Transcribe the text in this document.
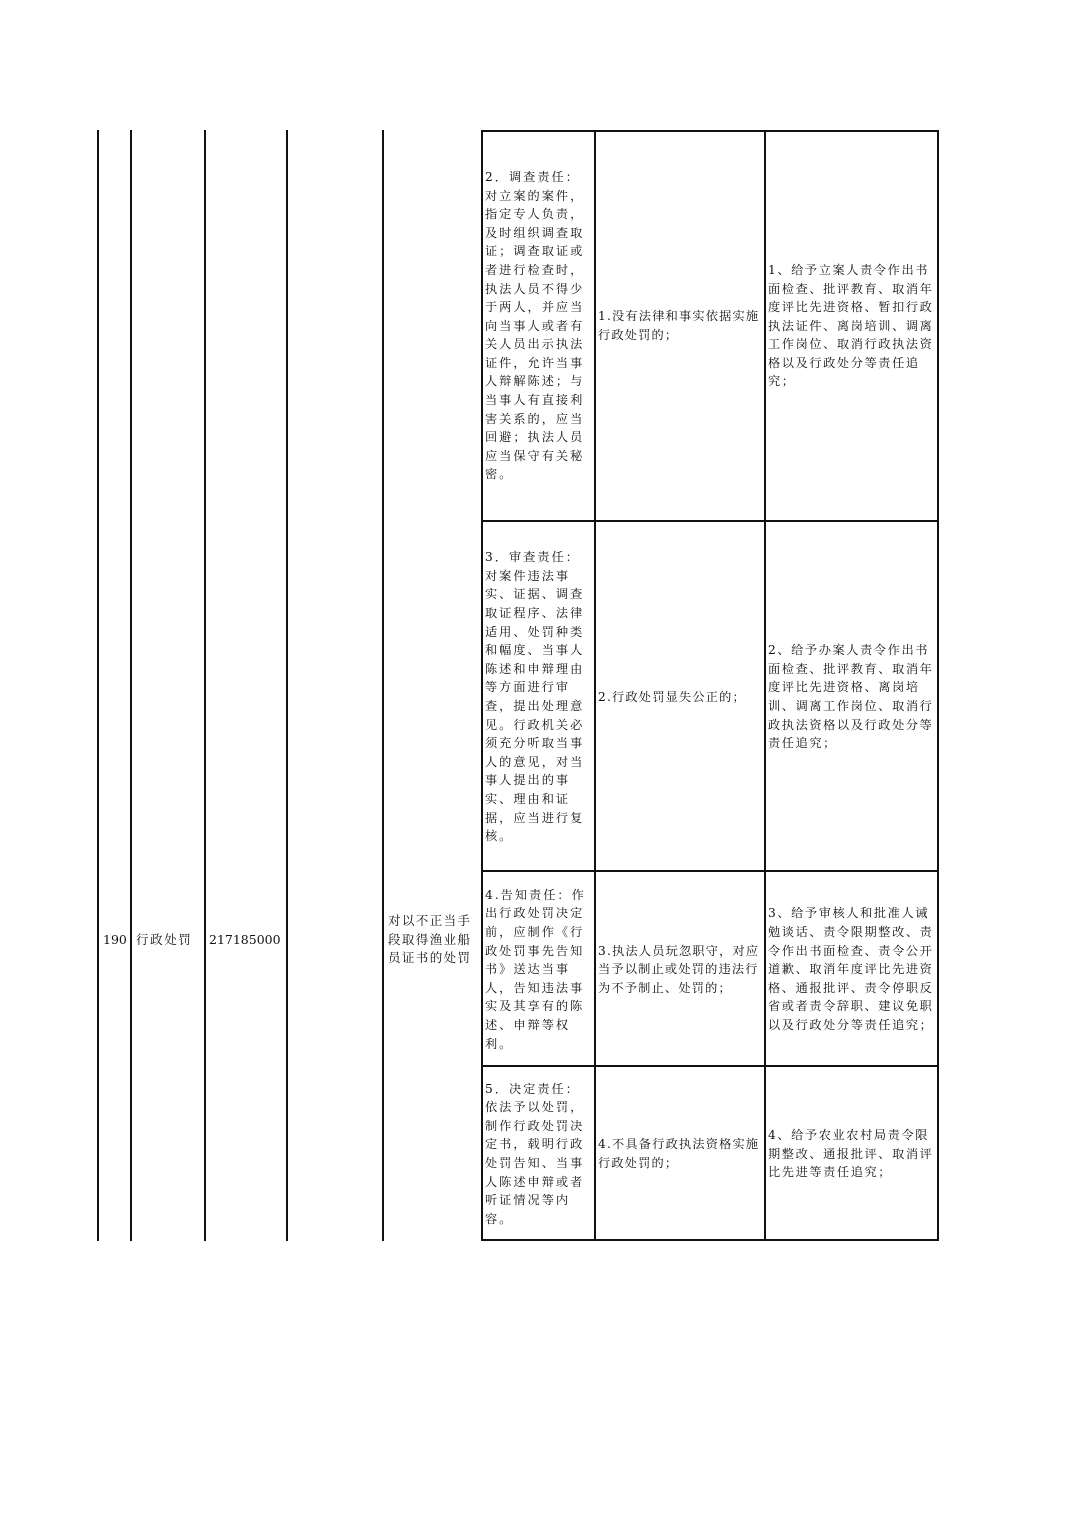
190 行政处罚 217185000
对以不正当手段取得渔业船员证书的处罚
2．调查责任：对立案的案件，指定专人负责，及时组织调查取证；调查取证或者进行检查时，执法人员不得少于两人，并应当向当事人或者有关人员出示执法证件，允许当事人辩解陈述；与当事人有直接利害关系的，应当回避；执法人员应当保守有关秘密。
1.没有法律和事实依据实施行政处罚的；
1、给予立案人责令作出书面检查、批评教育、取消年度评比先进资格、暂扣行政执法证件、离岗培训、调离工作岗位、取消行政执法资格以及行政处分等责任追究；
3．审查责任：对案件违法事实、证据、调查取证程序、法律适用、处罚种类和幅度、当事人陈述和申辩理由等方面进行审查，提出处理意见。行政机关必须充分听取当事人的意见，对当事人提出的事实、理由和证据，应当进行复核。
2.行政处罚显失公正的；
2、给予办案人责令作出书面检查、批评教育、取消年度评比先进资格、离岗培训、调离工作岗位、取消行政执法资格以及行政处分等责任追究；
4.告知责任：作出行政处罚决定前，应制作《行政处罚事先告知书》送达当事人，告知违法事实及其享有的陈述、申辩等权利。
3.执法人员玩忽职守，对应当予以制止或处罚的违法行为不予制止、处罚的；
3、给予审核人和批准人诫勉谈话、责令限期整改、责令作出书面检查、责令公开道歉、取消年度评比先进资格、通报批评、责令停职反省或者责令辞职、建议免职以及行政处分等责任追究；
5．决定责任：依法予以处罚，制作行政处罚决定书，载明行政处罚告知、当事人陈述申辩或者听证情况等内容。
4.不具备行政执法资格实施行政处罚的；
4、给予农业农村局责令限期整改、通报批评、取消评比先进等责任追究；
